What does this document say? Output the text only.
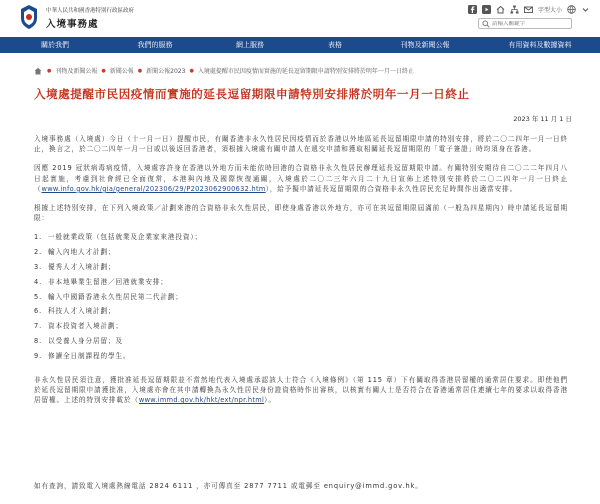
中華人民共和國香港特別行政區政府
入境事務處
字型大小
請輸入關鍵字
關於我們	我們的服務	網上服務	表格	刊物及新聞公報	有用資料及數據資料
● 刊物及新聞公報 ● 新聞公報 ● 新聞公報2023 ● 入境處提醒市民因疫情而實施的延長逗留期限申請特別安排將於明年一月一日終止
入境處提醒市民因疫情而實施的延長逗留期限申請特別安排將於明年一月一日終止
2023 年 11 月 1 日

入境事務處（入境處）今日（十一月一日）提醒市民，有關香港非永久性居民因疫情而於香港以外地區延長逗留期限申請的特別安排，將於二〇二四年一月一日終止，換言之，於二〇二四年一月一日或以後返回香港者，須根據入境處有關申請人在遞交申請和獲取相關延長逗留期限的「電子簽證」時均須身在香港。

因應 2019 冠狀病毒病疫情，入境處容許身在香港以外地方而未能依時回港的合資格非永久性居民辦理延長逗留期限申請。有關特別安期待自二〇二二年四月八日起實施，考慮到社會經已全面復常，本港與內地及國際恢復通關，入境處於二〇二三年六月二十九日宣佈上述特別安排將於二〇二四年一月一日終止（www.info.gov.hk/gia/general/202306/29/P2023062900632.htm），給予擬申請延長逗留期限的合資格非永久性居民充足時間作出適當安排。

根據上述特別安排，在下列入境政策／計劃來港的合資格非永久性居民，即使身處香港以外地方，亦可在其逗留期限屆滿前（一般為四星期內）時申請延長逗留期限：

1. 一般就業政策（包括就業及企業家來港投資）；
2. 輸入內地人才計劃；
3. 優秀人才入境計劃；
4. 非本地畢業生留港／回港就業安排；
5. 輸入中國籍香港永久性居民第二代計劃；
6. 科技人才入境計劃；
7. 資本投資者入境計劃；
8. 以受養人身分居留；及
9. 修讀全日制課程的學生。

非永久性居民須注意，獲批准延長逗留期限並不當然地代表入境處承認該人士符合《入境條例》（第 115 章）下有關取得香港居留權的通常居住要求。即使他們於延長逗留期限申請獲批准，入境處亦會在其申請轉換為永久性居民身份證資格時作出審核，以核實有關人士是否符合在香港通常居住連續七年的要求以取得香港居留權。上述的特別安排載於（www.immd.gov.hk/hkt/ext/npr.html）。

如有查詢，請致電入境處熱線電話 2824 6111 ，亦可傳真至 2877 7711 或電郵至 enquiry@immd.gov.hk。
